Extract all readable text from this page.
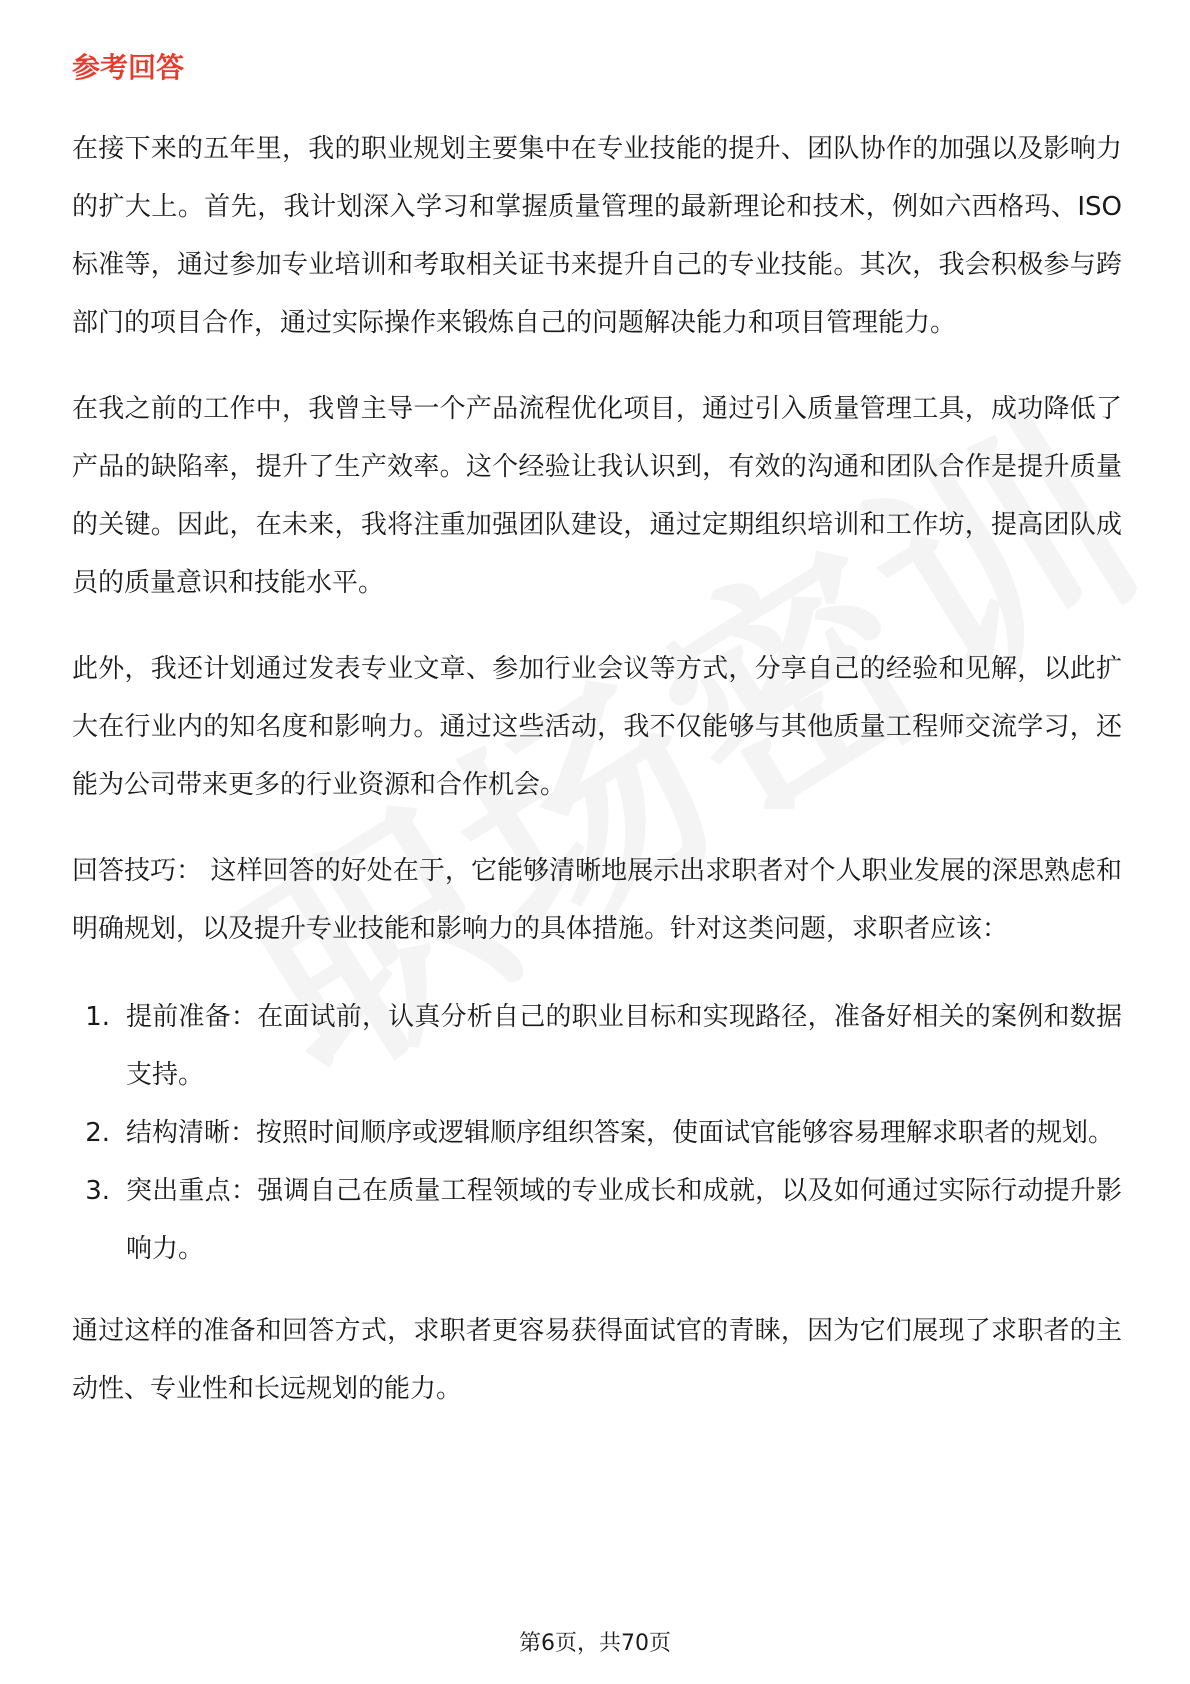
参考回答

在接下来的五年里，我的职业规划主要集中在专业技能的提升、团队协作的加强以及影响力的扩大上。首先，我计划深入学习和掌握质量管理的最新理论和技术，例如六西格玛、ISO标准等，通过参加专业培训和考取相关证书来提升自己的专业技能。其次，我会积极参与跨部门的项目合作，通过实际操作来锻炼自己的问题解决能力和项目管理能力。

在我之前的工作中，我曾主导一个产品流程优化项目，通过引入质量管理工具，成功降低了产品的缺陷率，提升了生产效率。这个经验让我认识到，有效的沟通和团队合作是提升质量的关键。因此，在未来，我将注重加强团队建设，通过定期组织培训和工作坊，提高团队成员的质量意识和技能水平。

此外，我还计划通过发表专业文章、参加行业会议等方式，分享自己的经验和见解，以此扩大在行业内的知名度和影响力。通过这些活动，我不仅能够与其他质量工程师交流学习，还能为公司带来更多的行业资源和合作机会。

回答技巧： 这样回答的好处在于，它能够清晰地展示出求职者对个人职业发展的深思熟虑和明确规划，以及提升专业技能和影响力的具体措施。针对这类问题，求职者应该：

1. 提前准备：在面试前，认真分析自己的职业目标和实现路径，准备好相关的案例和数据支持。
2. 结构清晰：按照时间顺序或逻辑顺序组织答案，使面试官能够容易理解求职者的规划。
3. 突出重点：强调自己在质量工程领域的专业成长和成就，以及如何通过实际行动提升影响力。

通过这样的准备和回答方式，求职者更容易获得面试官的青睐，因为它们展现了求职者的主动性、专业性和长远规划的能力。

第6页，共70页
